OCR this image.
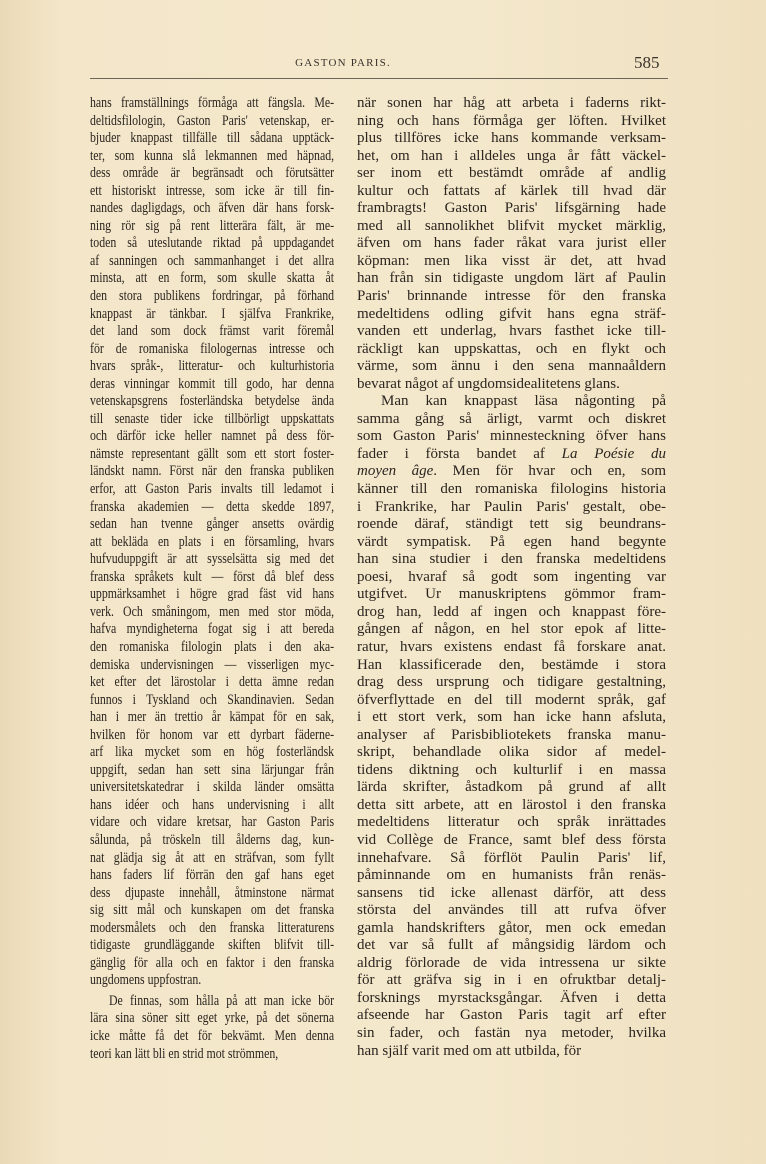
GASTON PARIS.	585
hans framställnings förmåga att fängsla. Me-
deltidsfilologin, Gaston Paris' vetenskap, er-
bjuder knappast tillfälle till sådana upptäck-
ter, som kunna slå lekmannen med häpnad,
dess område är begränsadt och förutsätter
ett historiskt intresse, som icke är till fin-
nandes dagligdags, och äfven där hans forsk-
ning rör sig på rent litterära fält, är me-
toden så uteslutande riktad på uppdagandet
af sanningen och sammanhanget i det allra
minsta, att en form, som skulle skatta åt
den stora publikens fordringar, på förhand
knappast är tänkbar. I själfva Frankrike,
det land som dock främst varit föremål
för de romaniska filologernas intresse och
hvars språk-, litteratur- och kulturhistoria
deras vinningar kommit till godo, har denna
vetenskapsgrens fosterländska betydelse ända
till senaste tider icke tillbörligt uppskattats
och därför icke heller namnet på dess för-
nämste representant gällt som ett stort foster-
ländskt namn. Först när den franska publiken
erfor, att Gaston Paris invalts till ledamot i
franska akademien — detta skedde 1897,
sedan han tvenne gånger ansetts ovärdig
att bekläda en plats i en församling, hvars
hufvuduppgift är att sysselsätta sig med det
franska språkets kult — först då blef dess
uppmärksamhet i högre grad fäst vid hans
verk. Och småningom, men med stor möda,
hafva myndigheterna fogat sig i att bereda
den romaniska filologin plats i den aka-
demiska undervisningen — visserligen myc-
ket efter det lärostolar i detta ämne redan
funnos i Tyskland och Skandinavien. Sedan
han i mer än trettio år kämpat för en sak,
hvilken för honom var ett dyrbart fäderne-
arf lika mycket som en hög fosterländsk
uppgift, sedan han sett sina lärjungar från
universitetskatedrar i skilda länder omsätta
hans idéer och hans undervisning i allt
vidare och vidare kretsar, har Gaston Paris
sålunda, på tröskeln till ålderns dag, kun-
nat glädja sig åt att en sträfvan, som fyllt
hans faders lif förrän den gaf hans eget
dess djupaste innehåll, åtminstone närmat
sig sitt mål och kunskapen om det franska
modersmålets och den franska litteraturens
tidigaste grundläggande skiften blifvit till-
gänglig för alla och en faktor i den franska
ungdomens uppfostran.
De finnas, som hålla på att man icke bör
lära sina söner sitt eget yrke, på det sönerna
icke måtte få det för bekvämt. Men denna
teori kan lätt bli en strid mot strömmen,
när sonen har håg att arbeta i faderns rikt-
ning och hans förmåga ger löften. Hvilket
plus tillföres icke hans kommande verksam-
het, om han i alldeles unga år fått väckel-
ser inom ett bestämdt område af andlig
kultur och fattats af kärlek till hvad där
frambragts! Gaston Paris' lifsgärning hade
med all sannolikhet blifvit mycket märklig,
äfven om hans fader råkat vara jurist eller
köpman: men lika visst är det, att hvad
han från sin tidigaste ungdom lärt af Paulin
Paris' brinnande intresse för den franska
medeltidens odling gifvit hans egna sträf-
vanden ett underlag, hvars fasthet icke till-
räckligt kan uppskattas, och en flykt och
värme, som ännu i den sena mannaåldern
bevarat något af ungdomsidealitetens glans.
Man kan knappast läsa någonting på
samma gång så ärligt, varmt och diskret
som Gaston Paris' minnesteckning öfver hans
fader i första bandet af La Poésie du
moyen âge. Men för hvar och en, som
känner till den romaniska filologins historia
i Frankrike, har Paulin Paris' gestalt, obe-
roende däraf, ständigt tett sig beundrans-
värdt sympatisk. På egen hand begynte
han sina studier i den franska medeltidens
poesi, hvaraf så godt som ingenting var
utgifvet. Ur manuskriptens gömmor fram-
drog han, ledd af ingen och knappast före-
gången af någon, en hel stor epok af litte-
ratur, hvars existens endast få forskare anat.
Han klassificerade den, bestämde i stora
drag dess ursprung och tidigare gestaltning,
öfverflyttade en del till modernt språk, gaf
i ett stort verk, som han icke hann afsluta,
analyser af Parisbibliotekets franska manu-
skript, behandlade olika sidor af medel-
tidens diktning och kulturlif i en massa
lärda skrifter, åstadkom på grund af allt
detta sitt arbete, att en lärostol i den franska
medeltidens litteratur och språk inrättades
vid Collège de France, samt blef dess första
innehafvare. Så förflöt Paulin Paris' lif,
påminnande om en humanists från renäs-
sansens tid icke allenast därför, att dess
största del användes till att rufva öfver
gamla handskrifters gåtor, men ock emedan
det var så fullt af mångsidig lärdom och
aldrig förlorade de vida intressena ur sikte
för att gräfva sig in i en ofruktbar detalj-
forsknings myrstacksgångar. Äfven i detta
afseende har Gaston Paris tagit arf efter
sin fader, och fastän nya metoder, hvilka
han själf varit med om att utbilda, för
